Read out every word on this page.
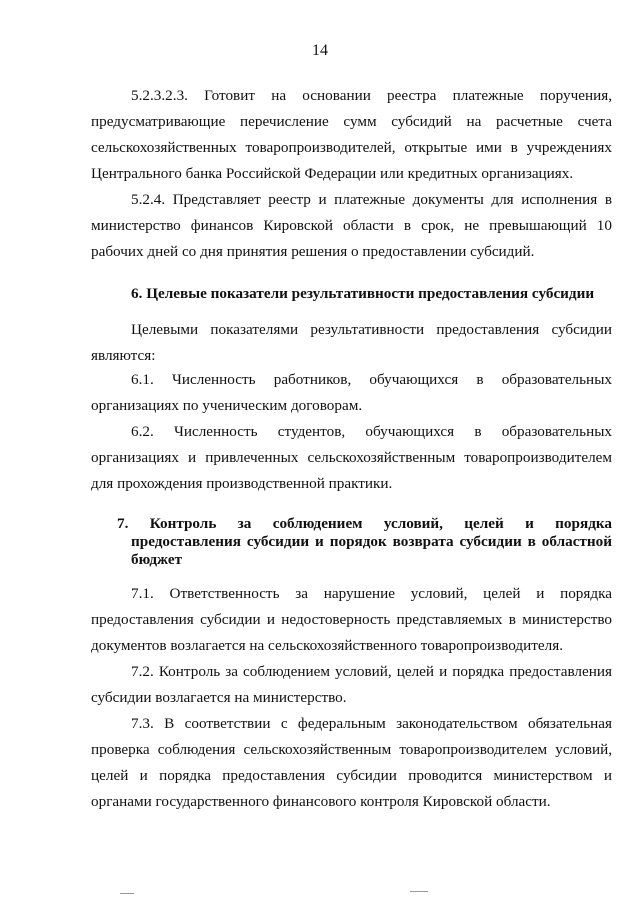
14

5.2.3.2.3. Готовит на основании реестра платежные поручения, предусматривающие перечисление сумм субсидий на расчетные счета сельскохозяйственных товаропроизводителей, открытые ими в учреждениях Центрального банка Российской Федерации или кредитных организациях.

5.2.4. Представляет реестр и платежные документы для исполнения в министерство финансов Кировской области в срок, не превышающий 10 рабочих дней со дня принятия решения о предоставлении субсидий.

6. Целевые показатели результативности предоставления субсидии

Целевыми показателями результативности предоставления субсидии являются:

6.1. Численность работников, обучающихся в образовательных организациях по ученическим договорам.

6.2. Численность студентов, обучающихся в образовательных организациях и привлеченных сельскохозяйственным товаропроизводителем для прохождения производственной практики.

7. Контроль за соблюдением условий, целей и порядка
предоставления субсидии и порядок возврата субсидии в областной бюджет

7.1. Ответственность за нарушение условий, целей и порядка предоставления субсидии и недостоверность представляемых в министерство документов возлагается на сельскохозяйственного товаропроизводителя.

7.2. Контроль за соблюдением условий, целей и порядка предоставления субсидии возлагается на министерство.

7.3. В соответствии с федеральным законодательством обязательная проверка соблюдения сельскохозяйственным товаропроизводителем условий, целей и порядка предоставления субсидии проводится министерством и органами государственного финансового контроля Кировской области.
